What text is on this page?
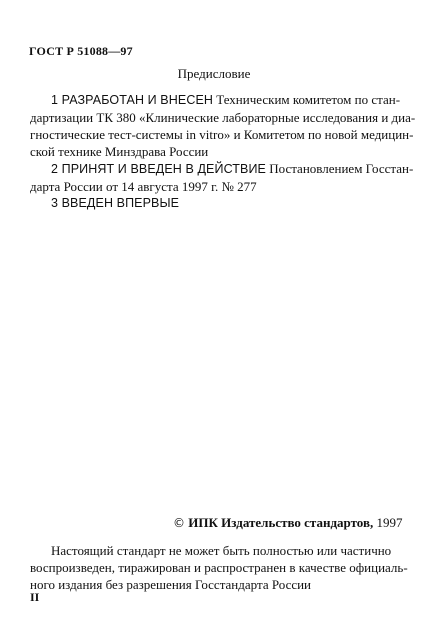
ГОСТ Р 51088—97
Предисловие
1 РАЗРАБОТАН И ВНЕСЕН Техническим комитетом по стан-
дартизации ТК 380 «Клинические лабораторные исследования и диа-
гностические тест-системы in vitro» и Комитетом по новой медицин-
ской технике Минздрава России
2 ПРИНЯТ И ВВЕДЕН В ДЕЙСТВИЕ Постановлением Госстан-
дарта России от 14 августа 1997 г. № 277
3 ВВЕДЕН ВПЕРВЫЕ
© ИПК Издательство стандартов, 1997
Настоящий стандарт не может быть полностью или частично
воспроизведен, тиражирован и распространен в качестве официаль-
ного издания без разрешения Госстандарта России
II
